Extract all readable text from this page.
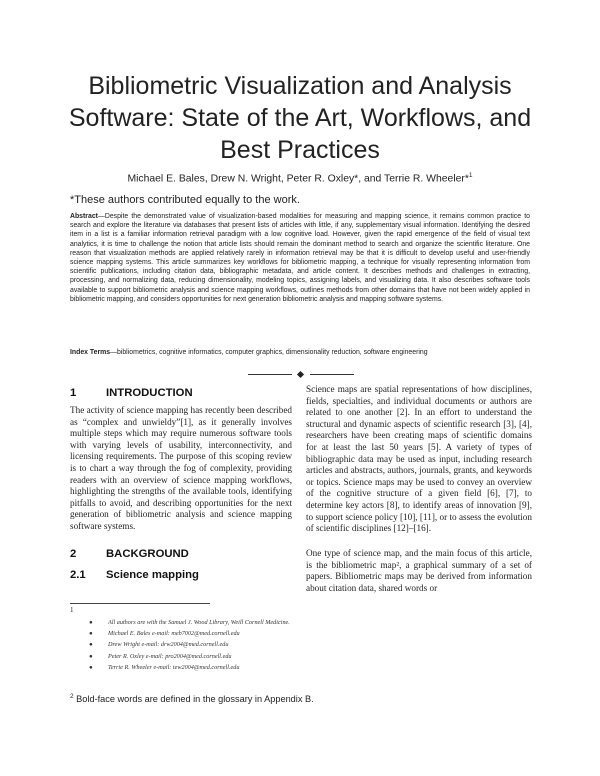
Bibliometric Visualization and Analysis
Software: State of the Art, Workflows, and
Best Practices
Michael E. Bales, Drew N. Wright, Peter R. Oxley*, and Terrie R. Wheeler*$^1$
*These authors contributed equally to the work.
Abstract—Despite the demonstrated value of visualization-based modalities for measuring and mapping science, it remains common practice to search and explore the literature via databases that present lists of articles with little, if any, supplementary visual information. Identifying the desired item in a list is a familiar information retrieval paradigm with a low cognitive load. However, given the rapid emergence of the field of visual text analytics, it is time to challenge the notion that article lists should remain the dominant method to search and organize the scientific literature. One reason that visualization methods are applied relatively rarely in information retrieval may be that it is difficult to develop useful and user-friendly science mapping systems. This article summarizes key workflows for bibliometric mapping, a technique for visually representing information from scientific publications, including citation data, bibliographic metadata, and article content. It describes methods and challenges in extracting, processing, and normalizing data, reducing dimensionality, modeling topics, assigning labels, and visualizing data. It also describes software tools available to support bibliometric analysis and science mapping workflows, outlines methods from other domains that have not been widely applied in bibliometric mapping, and considers opportunities for next generation bibliometric analysis and mapping software systems.
Index Terms—bibliometrics, cognitive informatics, computer graphics, dimensionality reduction, software engineering
1	INTRODUCTION

The activity of science mapping has recently been described as “complex and unwieldy”[1], as it generally involves multiple steps which may require numerous software tools with varying levels of usability, interconnectivity, and licensing requirements. The purpose of this scoping review is to chart a way through the fog of complexity, providing readers with an overview of science mapping workflows, highlighting the strengths of the available tools, identifying pitfalls to avoid, and describing opportunities for the next generation of bibliometric analysis and science mapping software systems.

2	BACKGROUND
2.1 Science mapping

Science maps are spatial representations of how disciplines, fields, specialties, and individual documents or authors are related to one another [2]. In an effort to understand the structural and dynamic aspects of scientific research [3], [4], researchers have been creating maps of scientific domains for at least the last 50 years [5]. A variety of types of bibliographic data may be used as input, including research articles and abstracts, authors, journals, grants, and keywords or topics. Science maps may be used to convey an overview of the cognitive structure of a given field [6], [7], to determine key actors [8], to identify areas of innovation [9], to support science policy [10], [11], or to assess the evolution of scientific disciplines [12]–[16].

One type of science map, and the main focus of this article, is the bibliometric map², a graphical summary of a set of papers. Bibliometric maps may be derived from information about citation data, shared words or

1
● All authors are with the Samuel J. Wood Library, Weill Cornell Medicine.
● Michael E. Bales e-mail: meb7002@med.cornell.edu
● Drew Wright e-mail: drw2004@med.cornell.edu
● Peter R. Oxley e-mail: pro2004@med.cornell.edu
● Terrie R. Wheeler e-mail: tew2004@med.cornell.edu
$^2$ Bold-face words are defined in the glossary in Appendix B.
